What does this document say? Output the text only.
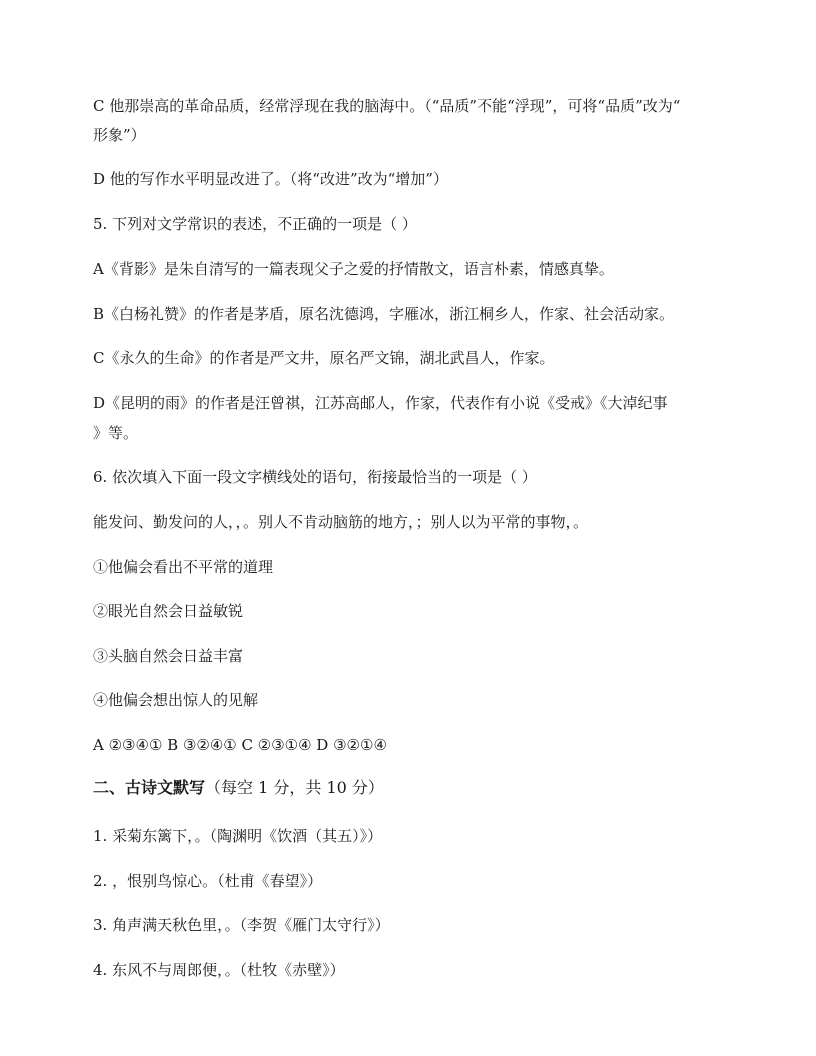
C 他那崇高的革命品质，经常浮现在我的脑海中。（“品质”不能“浮现”，可将“品质”改为“
形象”）
D 他的写作水平明显改进了。（将“改进”改为“增加”）
5. 下列对文学常识的表述，不正确的一项是（ ）
A《背影》是朱自清写的一篇表现父子之爱的抒情散文，语言朴素，情感真挚。
B《白杨礼赞》的作者是茅盾，原名沈德鸿，字雁冰，浙江桐乡人，作家、社会活动家。
C《永久的生命》的作者是严文井，原名严文锦，湖北武昌人，作家。
D《昆明的雨》的作者是汪曾祺，江苏高邮人，作家，代表作有小说《受戒》《大淖纪事
》等。
6. 依次填入下面一段文字横线处的语句，衔接最恰当的一项是（ ）
能发问、勤发问的人，，。别人不肯动脑筋的地方，；别人以为平常的事物，。
①他偏会看出不平常的道理
②眼光自然会日益敏锐
③头脑自然会日益丰富
④他偏会想出惊人的见解
A ②③④① B ③②④① C ②③①④ D ③②①④
二、古诗文默写（每空 1 分，共 10 分）
1. 采菊东篱下，。（陶渊明《饮酒（其五）》）
2. ，恨别鸟惊心。（杜甫《春望》）
3. 角声满天秋色里，。（李贺《雁门太守行》）
4. 东风不与周郎便，。（杜牧《赤壁》）
